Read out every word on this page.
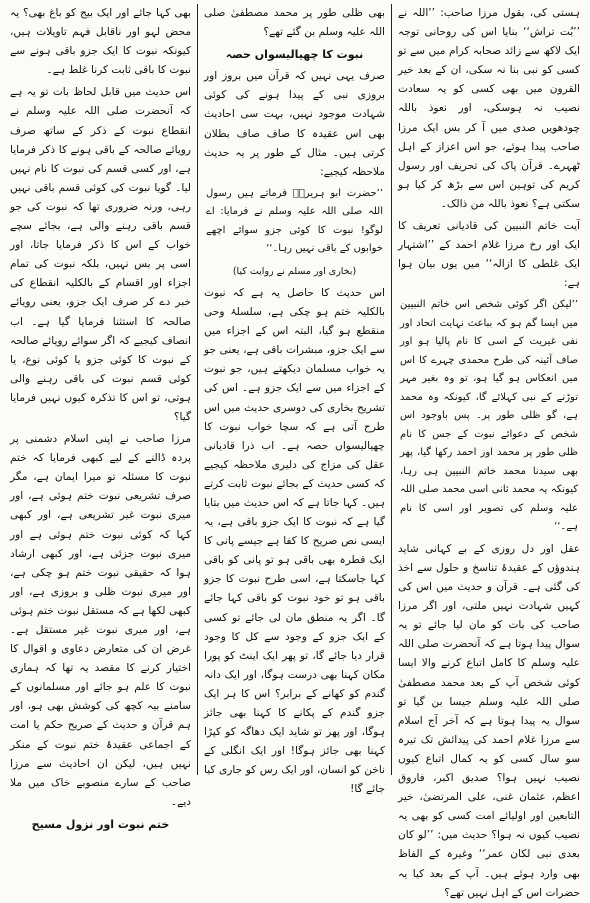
ہستی کی، بقول مرزا صاحب: ’’اللہ نے ’’بُت تراش‘‘ بنایا اس کی روحانی توجہ ایک لاکھ سے زائد صحابہ کرام میں سے تو کسی کو نبی بنا نہ سکی، ان کے بعد خیر القرون میں بھی کسی کو یہ سعادت نصیب نہ ہوسکی، اور نعوذ باللہ چودھویں صدی میں آ کر بس ایک مرزا صاحب پیدا ہوئے، جو اس اعزاز کے اہل ٹھہرے۔ قرآن پاک کی تحریف اور رسول کریم کی توہین اس سے بڑھ کر کیا ہو سکتی ہے؟ نعوذ باللہ من ذالک۔

آیت خاتم النبیین کی قادیانی تعریف کا ایک اور رخ مرزا غلام احمد کے ’’اشتہار ایک غلطی کا ازالہ‘‘ میں یوں بیان ہوا ہے:

’’لیکن اگر کوئی شخص اس خاتم النبیین میں ایسا گم ہو کہ بباعث نہایت اتحاد اور نفی غیریت کے اسی کا نام پالیا ہو اور صاف آئینہ کی طرح محمدی چہرے کا اس میں انعکاس ہو گیا ہو، تو وہ بغیر مہر توڑنے کے نبی کہلائے گا، کیونکہ وہ محمد ہے، گو ظلی طور پر۔ پس باوجود اس شخص کے دعوائے نبوت کے جس کا نام ظلی طور پر محمد اور احمد رکھا گیا، پھر بھی سیدنا محمد خاتم النبیین ہی رہا، کیونکہ یہ محمد ثانی اسی محمد صلی اللہ علیہ وسلم کی تصویر اور اسی کا نام ہے۔‘‘

عقل اور دل روزی کے بے کہانی شاید ہندوؤں کے عقیدۂ تناسخ و حلول سے اخذ کی گئی ہے۔ قرآن و حدیث میں اس کی کہیں شہادت نہیں ملتی، اور اگر مرزا صاحب کی بات کو مان لیا جائے تو یہ سوال پیدا ہوتا ہے کہ آنحضرت صلی اللہ علیہ وسلم کا کامل اتباع کرنے والا ایسا کوئی شخص آپ کے بعد محمد مصطفیٰ صلی اللہ علیہ وسلم جیسا بن گیا تو سوال یہ پیدا ہوتا ہے کہ آخر آج اسلام سے مرزا غلام احمد کی پیدائش تک تیرہ سو سال کسی کو یہ کمال اتباع کیوں نصیب نہیں ہوا؟ صدیق اکبر، فاروق اعظم، عثمان غنی، علی المرتضیٰ، خیر التابعین اور اولیائے امت کسی کو بھی یہ نصیب کیوں نہ ہوا؟ حدیث میں: ’’لو کان بعدی نبی لکان عمر‘‘ وغیرہ کے الفاظ بھی وارد ہوئے ہیں۔ آپ کے بعد کیا یہ حضرات اس کے اہل نہیں تھے؟

بھی ظلی طور پر محمد مصطفیٰ صلی اللہ علیہ وسلم بن گئے تھے؟

نبوت کا چھیالیسواں حصہ

صرف یہی نہیں کہ قرآن میں بروز اور بروزی نبی کے پیدا ہونے کی کوئی شہادت موجود نہیں، بہت سی احادیث بھی اس عقیدہ کا صاف صاف بطلان کرتی ہیں۔ مثال کے طور پر یہ حدیث ملاحظہ کیجیے:

’’حضرت ابو ہریرہؓ فرماتے ہیں رسول اللہ صلی اللہ علیہ وسلم نے فرمایا: اے لوگو! نبوت کا کوئی جزو سوائے اچھے خوابوں کے باقی نہیں رہا۔‘‘

(بخاری اور مسلم نے روایت کیا)

اس حدیث کا حاصل یہ ہے کہ نبوت بالکلیہ ختم ہو چکی ہے، سلسلۂ وحی منقطع ہو گیا، البتہ اس کے اجزاء میں سے ایک جزو، مبشرات باقی ہے، یعنی جو یہ خواب مسلمان دیکھتے ہیں، جو نبوت کے اجزاء میں سے ایک جزو ہے۔ اس کی تشریح بخاری کی دوسری حدیث میں اس طرح آتی ہے کہ سچا خواب نبوت کا چھیالیسواں حصہ ہے۔ اب ذرا قادیانی عقل کی مزاج کی دلیری ملاحظہ کیجیے کہ کسی حدیث کے بجائے نبوت ثابت کرتے ہیں۔ کہا جاتا ہے کہ اس حدیث میں بتایا گیا ہے کہ نبوت کا ایک جزو باقی ہے، یہ ایسی نص صریح کا کفا ہے جیسے پانی کا ایک قطرہ بھی باقی ہو تو پانی کو باقی کہا جاسکتا ہے، اسی طرح نبوت کا جزو باقی ہو تو خود نبوت کو باقی کہا جائے گا۔ اگر یہ منطق مان لی جائے تو کسی کے ایک جزو کے وجود سے کل کا وجود قرار دیا جائے گا، تو پھر ایک اینٹ کو پورا مکان کہنا بھی درست ہوگا، اور ایک دانہ گندم کو کھانے کے برابر؟ اس کا ہر ایک جزو گندم کے پکانے کا کہنا بھی جائز ہوگا، اور پھر تو شاید ایک دھاگہ کو کپڑا کہنا بھی جائز ہوگا! اور ایک انگلی کے ناخن کو انسان، اور ایک رس کو جاری کیا جائے گا!

بھی کہا جائے اور ایک بیج کو باغ بھی؟ یہ محض لہو اور ناقابل فہم تاویلات ہیں، کیونکہ نبوت کا ایک جزو باقی ہونے سے نبوت کا باقی ثابت کرنا غلط ہے۔

اس حدیث میں قابل لحاظ بات تو یہ ہے کہ آنحضرت صلی اللہ علیہ وسلم نے انقطاع نبوت کے ذکر کے ساتھ صرف رویائے صالحہ کے باقی ہونے کا ذکر فرمایا ہے، اور کسی قسم کی نبوت کا نام نہیں لیا۔ گویا نبوت کی کوئی قسم باقی نہیں رہی، ورنہ ضروری تھا کہ نبوت کی جو قسم باقی رہنے والی ہے، بجائے سچے خواب کے اس کا ذکر فرمایا جاتا، اور اسی پر بس نہیں، بلکہ نبوت کی تمام اجزاء اور اقسام کے بالکلیہ انقطاع کی خبر دے کر صرف ایک جزو، یعنی رویائے صالحہ کا استثنا فرمایا گیا ہے۔ اب انصاف کیجیے کہ اگر سوائے رویائے صالحہ کے نبوت کا کوئی جزو یا کوئی نوع، یا کوئی قسم نبوت کی باقی رہنے والی ہوتی، تو اس کا تذکرہ کیوں نہیں فرمایا گیا؟

مرزا صاحب نے اپنی اسلام دشمنی پر پردہ ڈالنے کے لیے کبھی فرمایا کہ ختم نبوت کا مسئلہ تو میرا ایمان ہے، مگر صرف تشریعی نبوت ختم ہوئی ہے، اور میری نبوت غیر تشریعی ہے، اور کبھی کہا کہ کوئی نبوت ختم ہوئی ہے اور میری نبوت جزئی ہے، اور کبھی ارشاد ہوا کہ حقیقی نبوت ختم ہو چکی ہے، اور میری نبوت ظلی و بروزی ہے، اور کبھی لکھا ہے کہ مستقل نبوت ختم ہوئی ہے، اور میری نبوت غیر مستقل ہے۔ غرض ان کی متعارض دعاوی و اقوال کا اختیار کرنے کا مقصد یہ تھا کہ ہماری نبوت کا علم ہو جائے اور مسلمانوں کے سامنے بیہ کچھ کی کوشش بھی ہو، اور ہم قرآن و حدیث کے صریح حکم یا امت کے اجماعی عقیدۂ ختم نبوت کے منکر نہیں ہیں، لیکن ان احادیث سے مرزا صاحب کے سارے منصوبے خاک میں ملا دیے۔

ختم نبوت اور نزول مسیح
